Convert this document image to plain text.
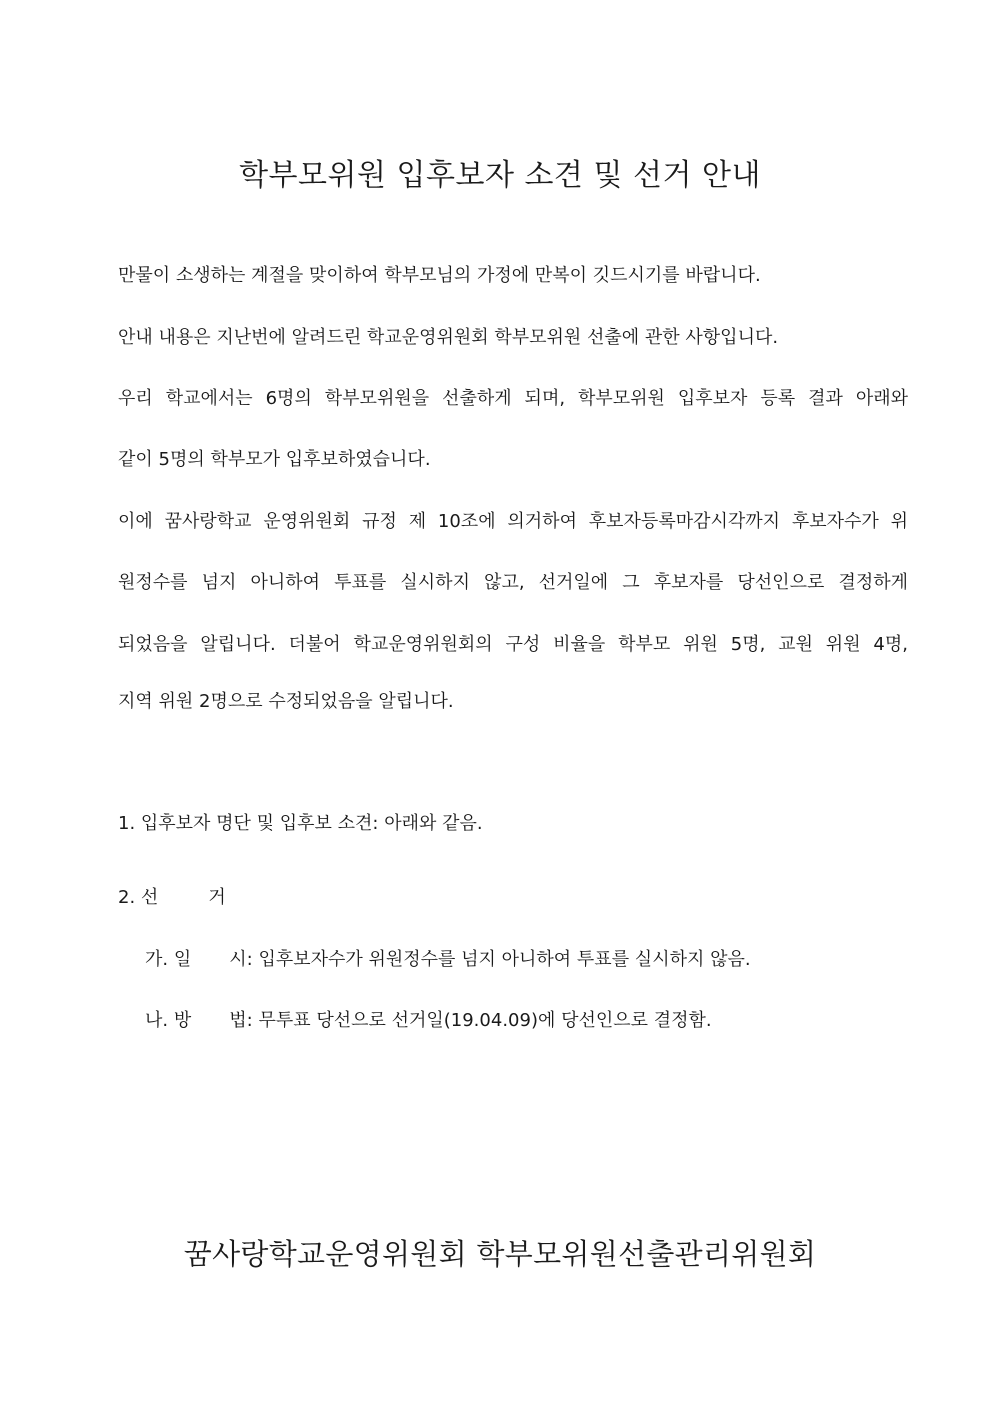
학부모위원 입후보자 소견 및 선거 안내

만물이 소생하는 계절을 맞이하여 학부모님의 가정에 만복이 깃드시기를 바랍니다.

안내 내용은 지난번에 알려드린 학교운영위원회 학부모위원 선출에 관한 사항입니다.

우리 학교에서는 6명의 학부모위원을 선출하게 되며, 학부모위원 입후보자 등록 결과 아래와

같이 5명의 학부모가 입후보하였습니다.

이에 꿈사랑학교 운영위원회 규정 제 10조에 의거하여 후보자등록마감시각까지 후보자수가 위

원정수를 넘지 아니하여 투표를 실시하지 않고, 선거일에 그 후보자를 당선인으로 결정하게

되었음을 알립니다. 더불어 학교운영위원회의 구성 비율을 학부모 위원 5명, 교원 위원 4명,

지역 위원 2명으로 수정되었음을 알립니다.

1. 입후보자 명단 및 입후보 소견: 아래와 같음.

2. 선	거

가. 일 시: 입후보자수가 위원정수를 넘지 아니하여 투표를 실시하지 않음.

나. 방 법: 무투표 당선으로 선거일(19.04.09)에 당선인으로 결정함.

꿈사랑학교운영위원회 학부모위원선출관리위원회
